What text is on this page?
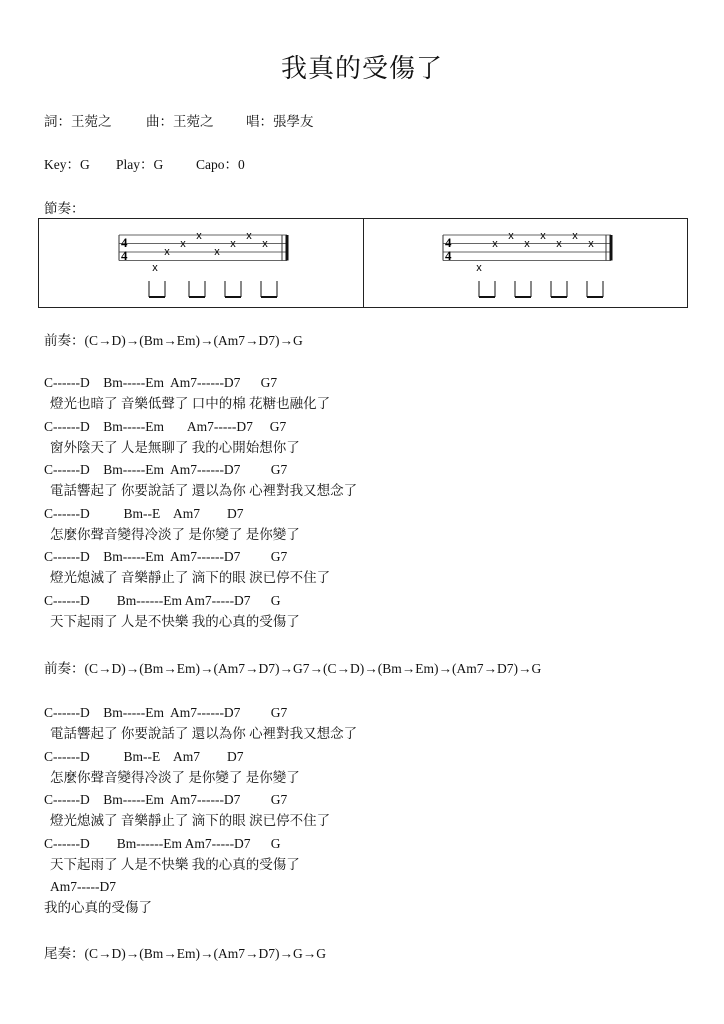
我真的受傷了
詞：王菀之	曲：王菀之 唱：張學友
Key：G Play：G Capo：0
節奏：
4
4
x
x
x
x
x
x
x
x	4
4
x
x
x
x
x
x
x
x
前奏：(C→D)→(Bm→Em)→(Am7→D7)→G
C------D    Bm-----Em  Am7------D7      G7
燈光也暗了 音樂低聲了 口中的棉 花糖也融化了
C------D    Bm-----Em       Am7-----D7     G7
窗外陰天了 人是無聊了 我的心開始想你了
C------D    Bm-----Em  Am7------D7         G7
電話響起了 你要說話了 還以為你 心裡對我又想念了
C------D          Bm--E    Am7        D7
怎麼你聲音變得冷淡了 是你變了 是你變了
C------D    Bm-----Em  Am7------D7         G7
燈光熄滅了 音樂靜止了 滴下的眼 淚已停不住了
C------D        Bm------Em Am7-----D7      G
天下起雨了 人是不快樂 我的心真的受傷了
前奏：(C→D)→(Bm→Em)→(Am7→D7)→G7→(C→D)→(Bm→Em)→(Am7→D7)→G
C------D    Bm-----Em  Am7------D7         G7
電話響起了 你要說話了 還以為你 心裡對我又想念了
C------D          Bm--E    Am7        D7
怎麼你聲音變得冷淡了 是你變了 是你變了
C------D    Bm-----Em  Am7------D7         G7
燈光熄滅了 音樂靜止了 滴下的眼 淚已停不住了
C------D        Bm------Em Am7-----D7      G
天下起雨了 人是不快樂 我的心真的受傷了
Am7-----D7
我的心真的受傷了
尾奏：(C→D)→(Bm→Em)→(Am7→D7)→G→G
